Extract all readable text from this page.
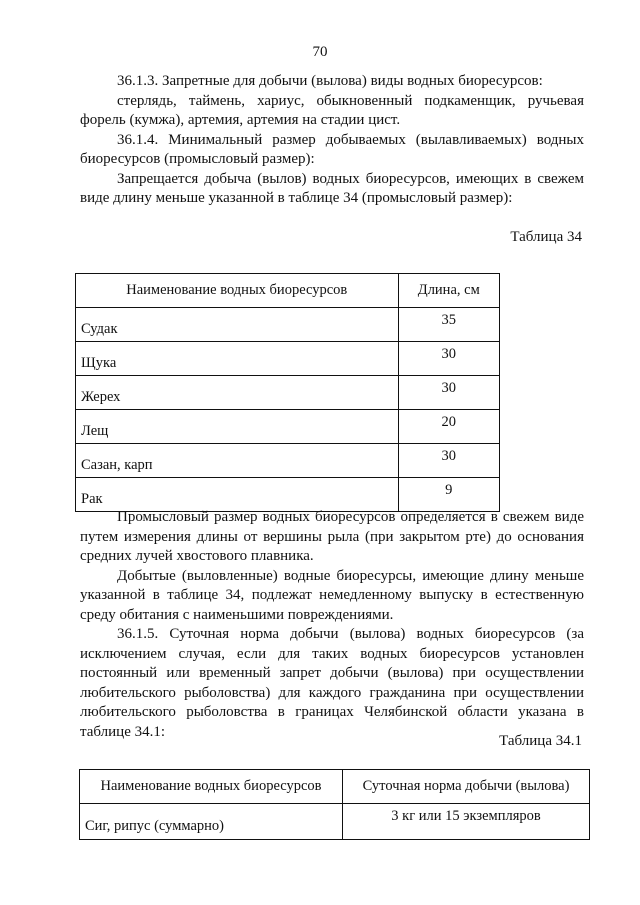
70

36.1.3. Запретные для добычи (вылова) виды водных биоресурсов:

стерлядь, таймень, хариус, обыкновенный подкаменщик, ручьевая форель (кумжа), артемия, артемия на стадии цист.

36.1.4. Минимальный размер добываемых (вылавливаемых) водных биоресурсов (промысловый размер):

Запрещается добыча (вылов) водных биоресурсов, имеющих в свежем виде длину меньше указанной в таблице 34 (промысловый размер):

Таблица 34
Наименование водных биоресурсов	Длина, см
Судак	35
Щука	30
Жерех	30
Лещ	20
Сазан, карп	30
Рак	9

Промысловый размер водных биоресурсов определяется в свежем виде путем измерения длины от вершины рыла (при закрытом рте) до основания средних лучей хвостового плавника.

Добытые (выловленные) водные биоресурсы, имеющие длину меньше указанной в таблице 34, подлежат немедленному выпуску в естественную среду обитания с наименьшими повреждениями.

36.1.5. Суточная норма добычи (вылова) водных биоресурсов (за исключением случая, если для таких водных биоресурсов установлен постоянный или временный запрет добычи (вылова) при осуществлении любительского рыболовства) для каждого гражданина при осуществлении любительского рыболовства в границах Челябинской области указана в таблице 34.1:

Таблица 34.1
Наименование водных биоресурсов	Суточная норма добычи (вылова)
Сиг, рипус (суммарно)	3 кг или 15 экземпляров
